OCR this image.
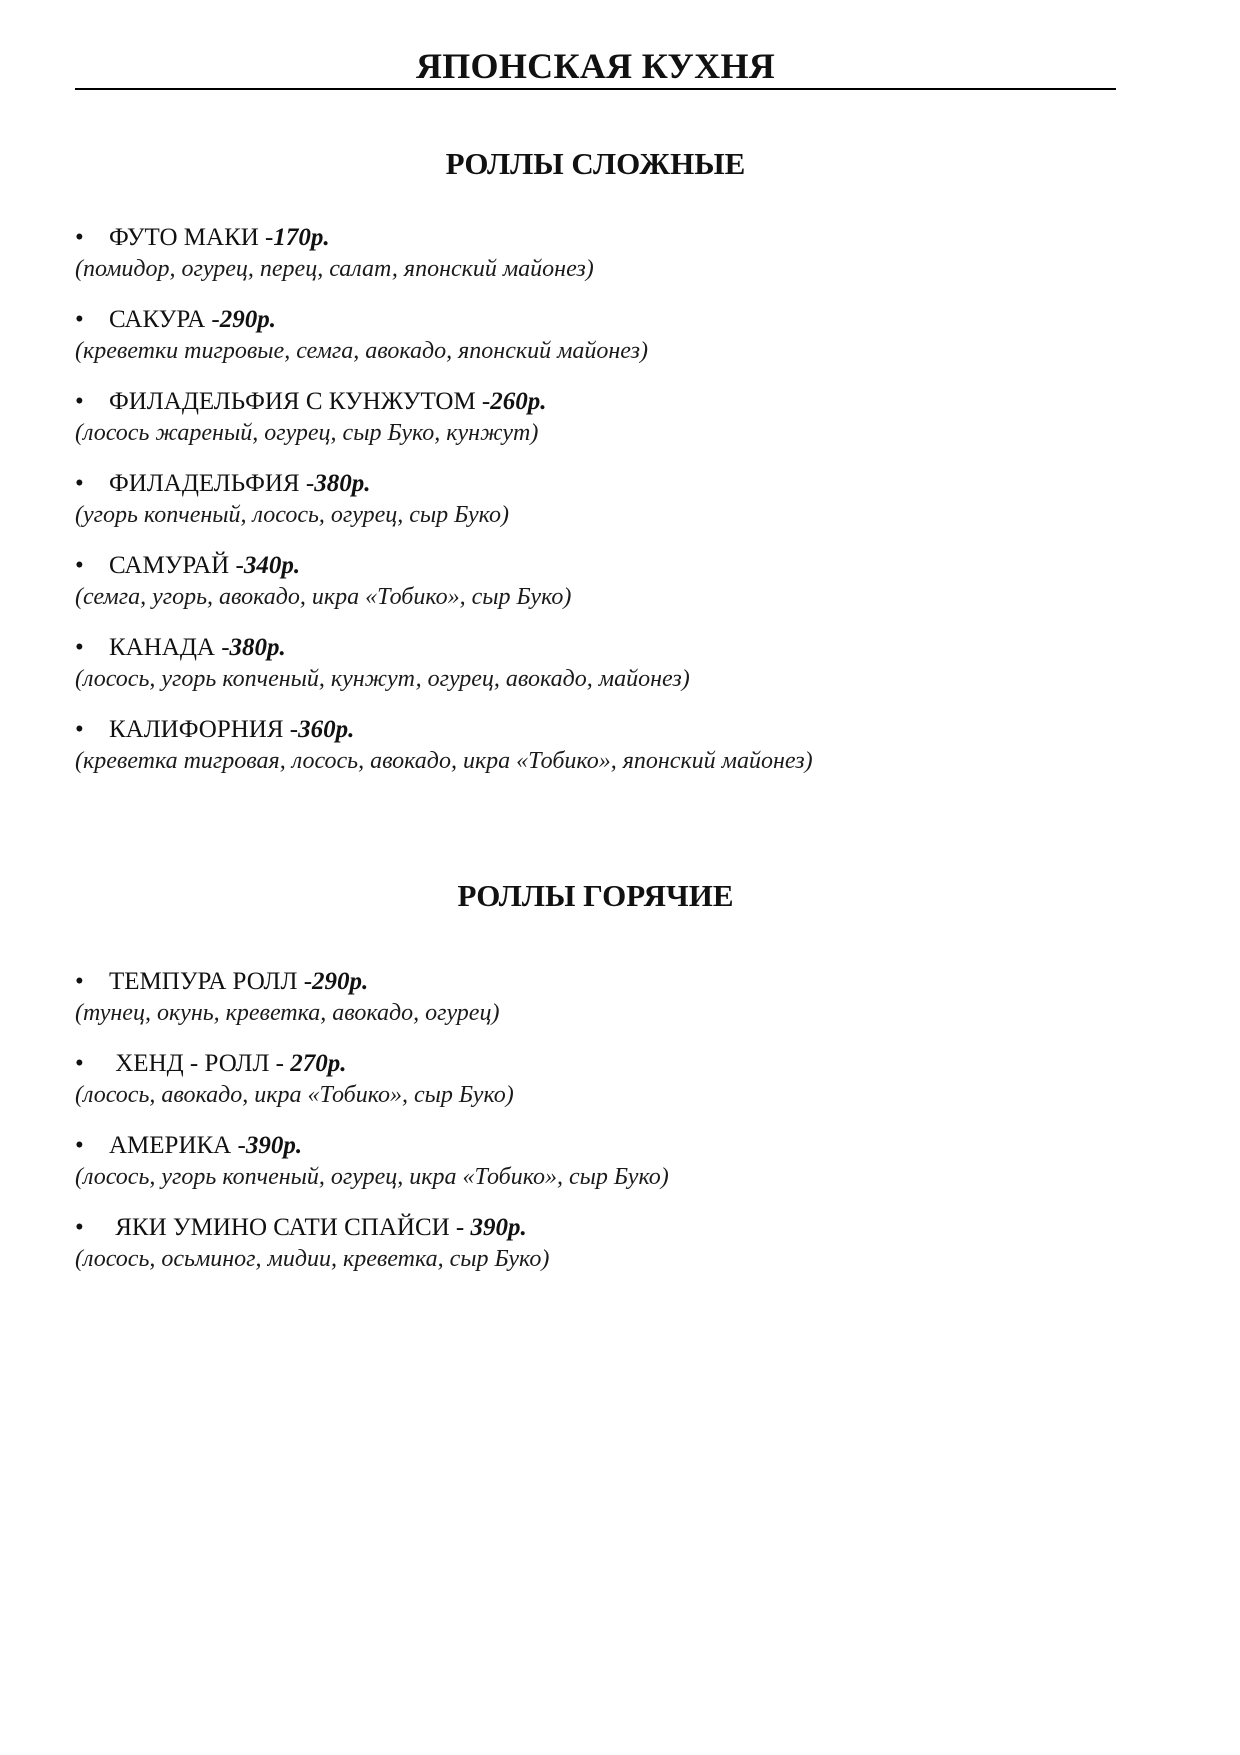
ЯПОНСКАЯ КУХНЯ
РОЛЛЫ СЛОЖНЫЕ
•	ФУТО МАКИ - 170р.
(помидор, огурец, перец, салат, японский майонез)
•	САКУРА - 290р.
(креветки тигровые, семга, авокадо, японский майонез)
•	ФИЛАДЕЛЬФИЯ С КУНЖУТОМ - 260р.
(лосось жареный, огурец, сыр Буко, кунжут)
•	ФИЛАДЕЛЬФИЯ - 380р.
(угорь копченый, лосось, огурец, сыр Буко)
•	САМУРАЙ - 340р.
(семга, угорь, авокадо, икра «Тобико», сыр Буко)
•	КАНАДА - 380р.
(лосось, угорь копченый, кунжут, огурец, авокадо, майонез)
•	КАЛИФОРНИЯ - 360р.
(креветка тигровая, лосось, авокадо, икра «Тобико», японский майонез)
РОЛЛЫ ГОРЯЧИЕ
•	ТЕМПУРА РОЛЛ - 290р.
(тунец, окунь, креветка, авокадо, огурец)
•	ХЕНД - РОЛЛ - 270р.
(лосось, авокадо, икра «Тобико», сыр Буко)
•	АМЕРИКА - 390р.
(лосось, угорь копченый, огурец, икра «Тобико», сыр Буко)
•	ЯКИ УМИНО САТИ СПАЙСИ - 390р.
(лосось, осьминог, мидии, креветка, сыр Буко)
